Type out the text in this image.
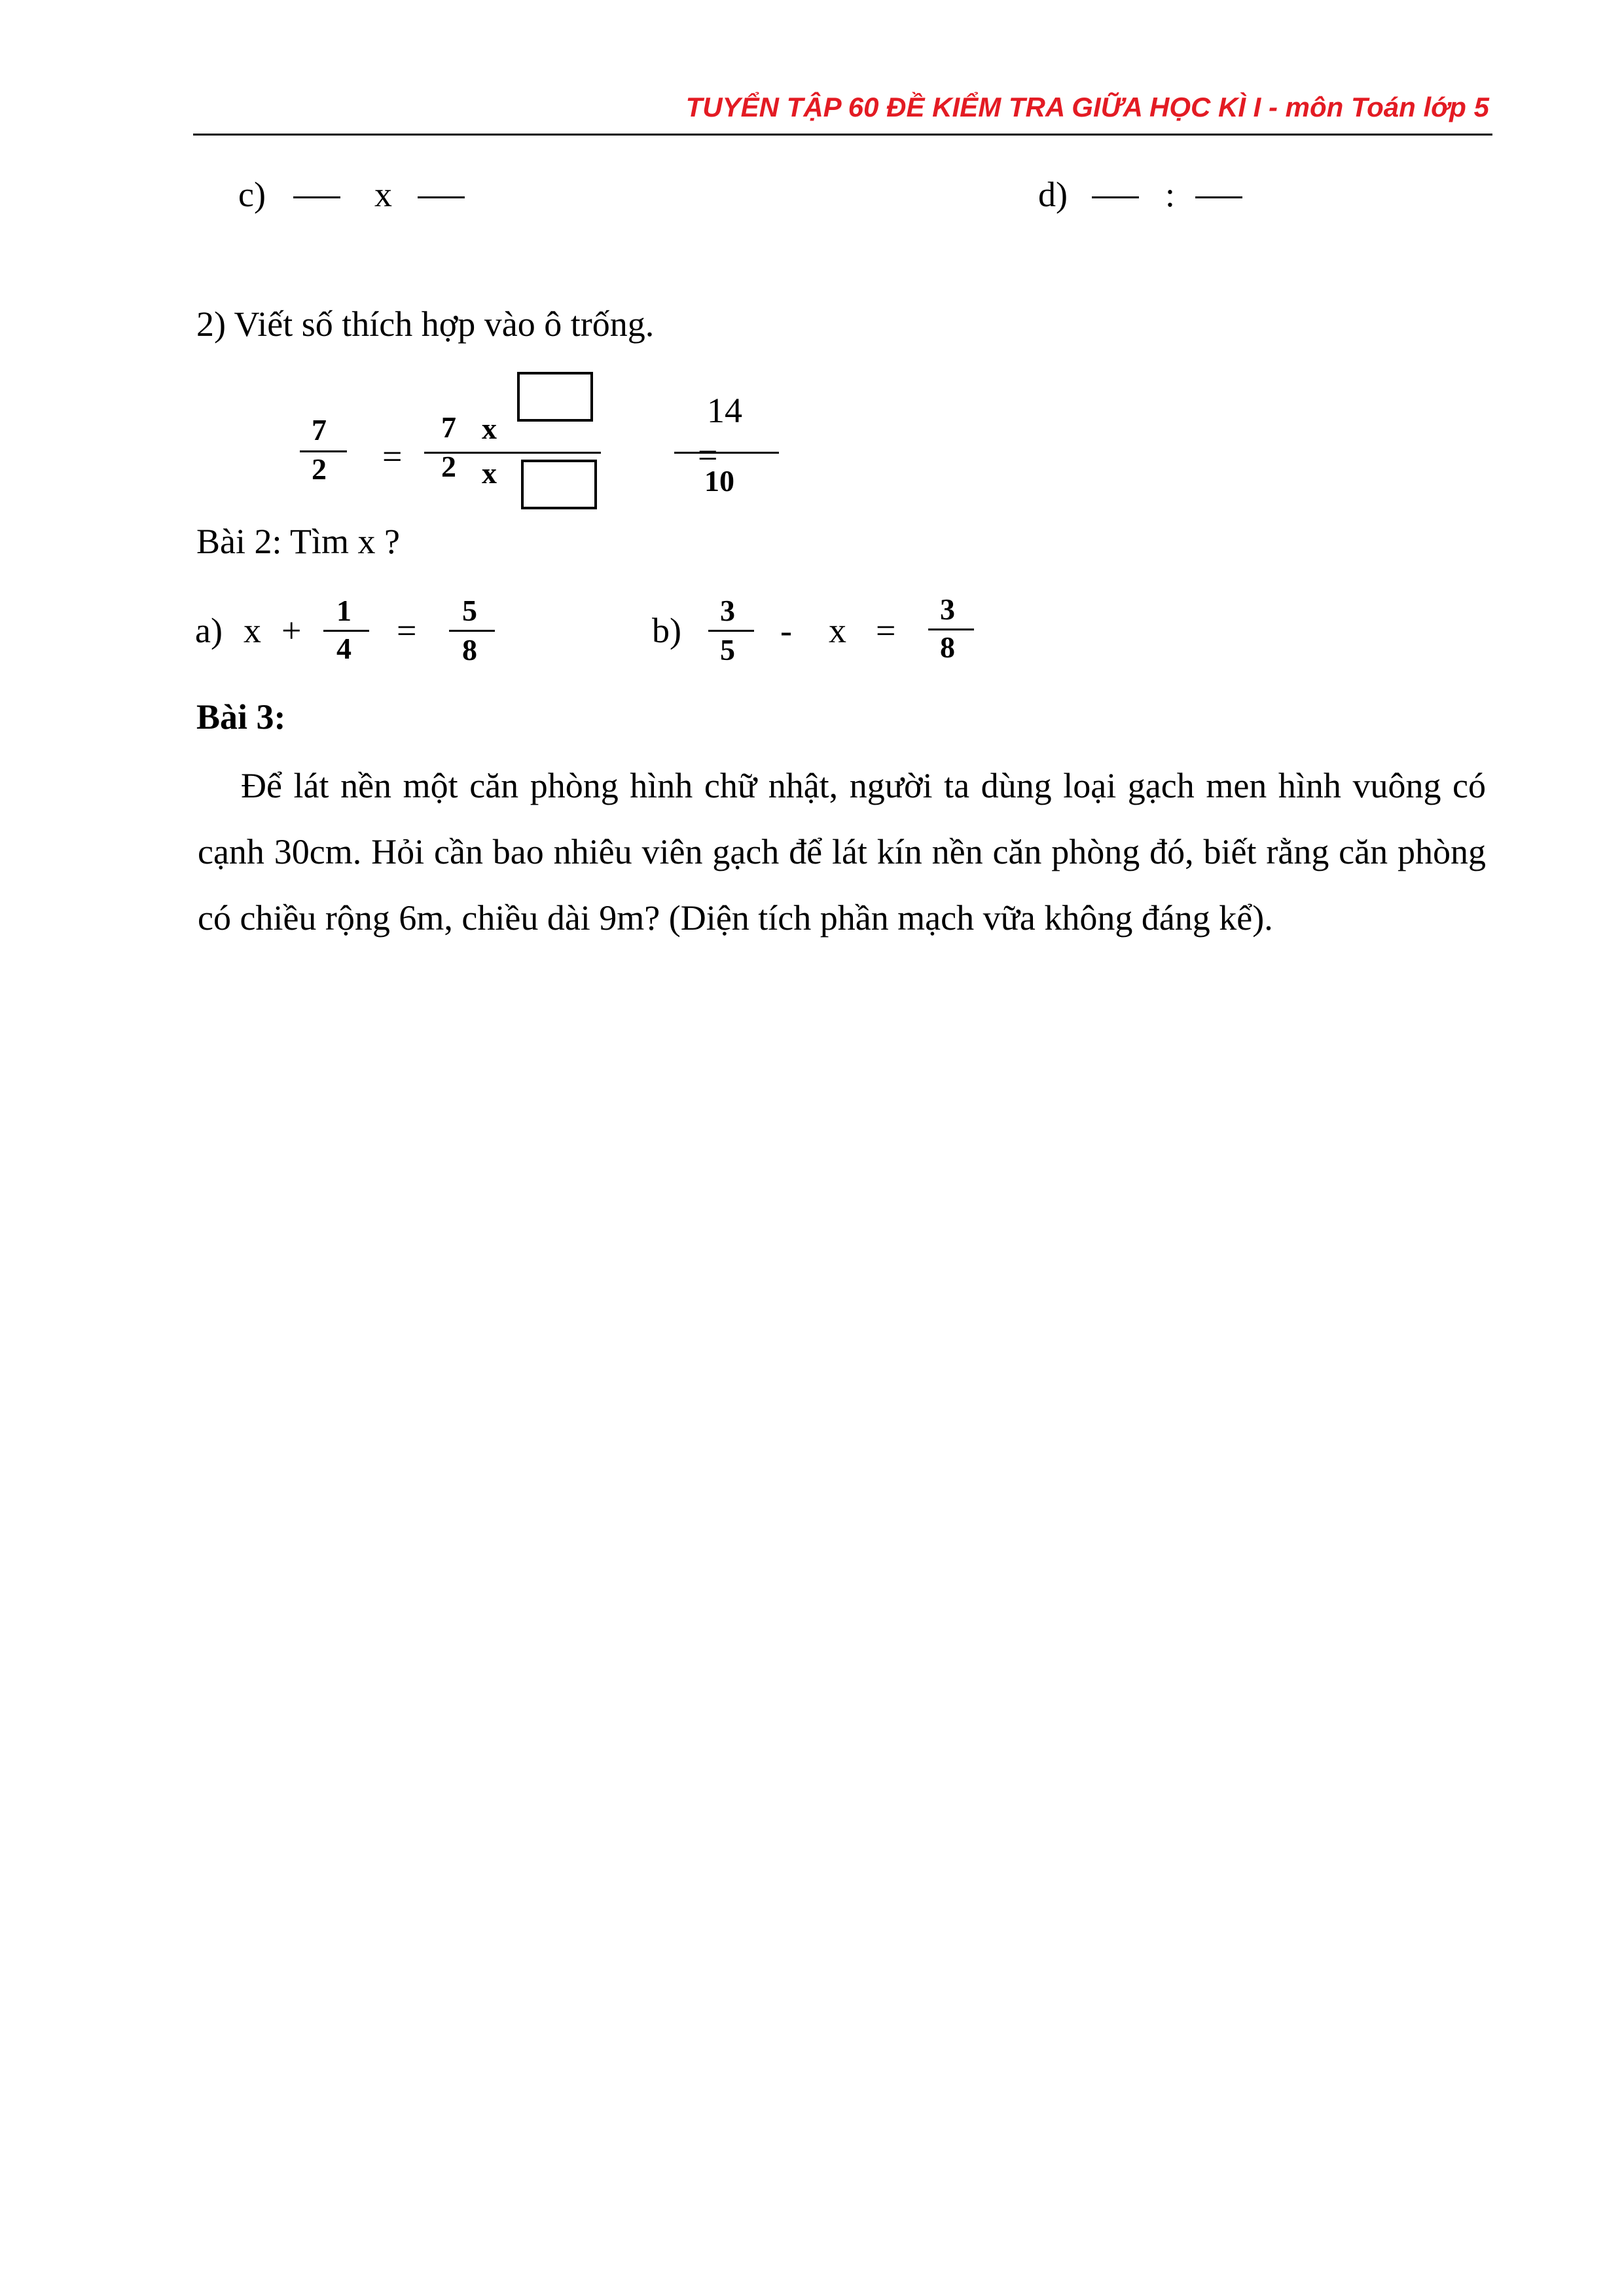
TUYỂN TẬP 60 ĐỀ KIỂM TRA GIỮA HỌC KÌ I - môn Toán lớp 5
c)	x	d)	:
2) Viết số thích hợp vào ô trống.
7
2 =
7 x
2 x
14
=
10
Bài 2: Tìm x ?
a) x +
1
4 =
5
8	b)
3
5 - x =
3
8
Bài 3:
Để lát nền một căn phòng hình chữ nhật, người ta dùng loại gạch men hình vuông có cạnh 30cm. Hỏi cần bao nhiêu viên gạch để lát kín nền căn phòng đó, biết rằng căn phòng có chiều rộng 6m, chiều dài 9m? (Diện tích phần mạch vữa không đáng kể).
